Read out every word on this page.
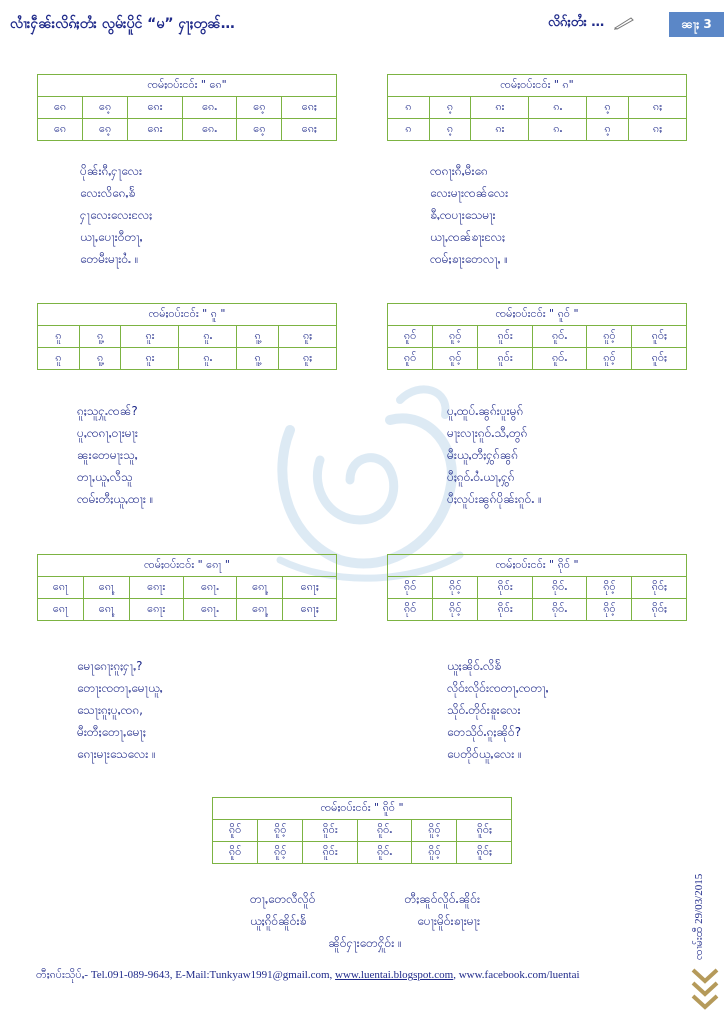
လၢႆးႁဵၼ်းလိၵ်ႈတႆး လွမ်းပိူင် “မ” ႁႃႈတွၼ်…	လိၵ်ႈတႆး …	ၼႃႈ 3
ၸမ်ႈဝပ်းငဝ်း " ၵေ"					
ၵေ	ၵေ့	ၵေး	ၵေႉ	ၵေ့	ၵေႈ
ၵေ	ၵေ့	ၵေး	ၵေႉ	ၵေ့	ၵေႈ
ၸမ်ႈဝပ်းငဝ်း " ၵ"					
ၵ	ၵ့	ၵး	ၵႉ	ၵ့	ၵႈ
ၵ	ၵ့	ၵး	ၵႉ	ၵ့	ၵႈ
ပိုၼ်းၵီႇႁႃလေး
လေးလိၵေႇၶႅ
ႁႃလေးလေးလႄႈ
ယႃႇပေႃးဝီတႃႇ
တေမီးမႃးဝႆႉ ။
ၸၵႃးၵီႇမီးၵေ
လေးမႃးၸၼ်လေး
ၶီႇၸပႃးသေမႃး
ယႃႇၸၼ်ၶႃးလႄႈ
ၸမ်ႈၶႃးတေလႃႇ ။
ၸမ်ႈဝပ်းငဝ်း " ၵူ "					
ၵူ	ၵူ့	ၵူး	ၵူႉ	ၵူ့	ၵူႈ
ၵူ	ၵူ့	ၵူး	ၵူႉ	ၵူ့	ၵူႈ
ၸမ်ႈဝပ်းငဝ်း " ၵူဝ် "					
ၵူဝ်	ၵူဝ့်	ၵူဝ်း	ၵူဝ်ႉ	ၵူဝ့်	ၵူဝ်ႈ
ၵူဝ်	ၵူဝ့်	ၵူဝ်း	ၵူဝ်ႉ	ၵူဝ့်	ၵူဝ်ႈ
ၵူႈသူႁူႉၸၼ်?
ပူႇၸၵႃႇဝႃးမႃး
ၼူးတေမႃးသူႇ
တႃႇယူႇလီသူ
ၸမ်းတီႈယူႇထႃး ။
ပူႇထူပ်ႉၼွၵ်းပူးမွၵ်
မႃးလႃးၵူဝ်ႉသီႇတွၵ်
မီးယူႇတီႈႁွၵ်ၼွၵ်
ပီႈၵူဝ်ႉဝႆႉယႃႇႁွၵ်
ပီႈလူပ်းၼွၵ်ပိုၼ်းၵူဝ်ႉ ။
ၸမ်ႈဝပ်းငဝ်း " ၵေႃ "					
ၵေႃ	ၵေႃ့	ၵေႃး	ၵေႃႉ	ၵေႃ့	ၵေႃႈ
ၵေႃ	ၵေႃ့	ၵေႃး	ၵေႃႉ	ၵေႃ့	ၵေႃႈ
ၸမ်ႈဝပ်းငဝ်း " ၵိုဝ် "					
ၵိုဝ်	ၵိုဝ့်	ၵိုဝ်း	ၵိုဝ်ႉ	ၵိုဝ့်	ၵိုဝ်ႈ
ၵိုဝ်	ၵိုဝ့်	ၵိုဝ်း	ၵိုဝ်ႉ	ၵိုဝ့်	ၵိုဝ်ႈ
မေႃၵေႃးၵူႈႁႃႇ?
တေႃးၸတႃႇမေႃယူႇ
သေႃးၵူႈပူႇၸၵ,
မီးတီႈတေႃႇမေႃႈ
ၵေႃးမႃးသေလေး ။
ယူႈၼိုဝ်ႉလိၶႅ
လိုဝ်းလိုဝ်းၸတႃႇၸတႃႇ
သိုဝ်ႉတိုဝ်းၶူးလေး
တေသိုဝ်ႉၵူႈၼိုဝ်?
ပေတိုဝ်ယူႇလေး ။
ၸမ်ႈဝပ်းငဝ်း " ၵိူဝ် "					
ၵိူဝ်	ၵိူဝ့်	ၵိူဝ်း	ၵိူဝ်ႉ	ၵိူဝ့်	ၵိူဝ်ႈ
ၵိူဝ်	ၵိူဝ့်	ၵိူဝ်း	ၵိူဝ်ႉ	ၵိူဝ့်	ၵိူဝ်ႈ
တႃႇတေလီလိူဝ်	တီႈၼူဝ်လိူဝ်ႉၼိူဝ်း
ယူႈၵိူဝ်ၼိူဝ်းၶႅ	ပေႃးမိူဝ်းၶႃးမႃး
ၼိူဝ်ႁႃးတေႁိူဝ်း ။
တီႈၵပ်းသိုပ်ႇ- Tel.091-089-9643, E-Mail:Tunkyaw1991@gmail.com, www.luentai.blogspot.com, www.facebook.com/luentai
ၸၢမ်းထီ 29/03/2015
